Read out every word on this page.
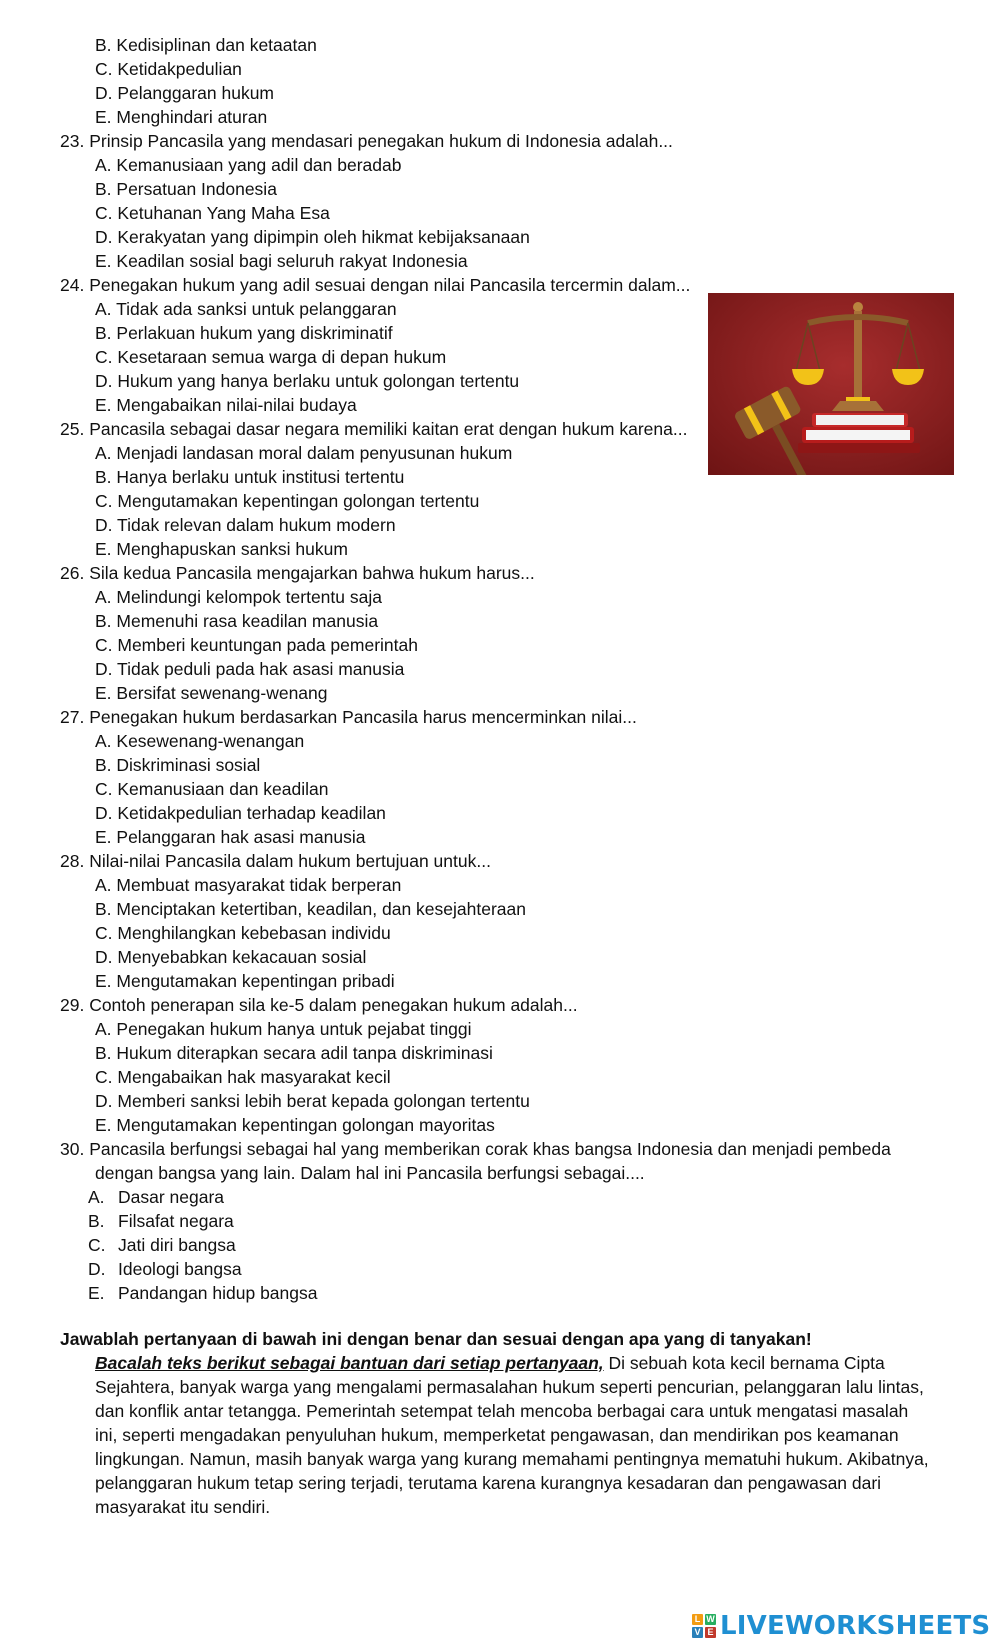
B. Kedisiplinan dan ketaatan
C. Ketidakpedulian
D. Pelanggaran hukum
E. Menghindari aturan
23. Prinsip Pancasila yang mendasari penegakan hukum di Indonesia adalah...
A. Kemanusiaan yang adil dan beradab
B. Persatuan Indonesia
C. Ketuhanan Yang Maha Esa
D. Kerakyatan yang dipimpin oleh hikmat kebijaksanaan
E. Keadilan sosial bagi seluruh rakyat Indonesia
24. Penegakan hukum yang adil sesuai dengan nilai Pancasila tercermin dalam...
A. Tidak ada sanksi untuk pelanggaran
B. Perlakuan hukum yang diskriminatif
C. Kesetaraan semua warga di depan hukum
D. Hukum yang hanya berlaku untuk golongan tertentu
E. Mengabaikan nilai-nilai budaya
25. Pancasila sebagai dasar negara memiliki kaitan erat dengan hukum karena...
A. Menjadi landasan moral dalam penyusunan hukum
B. Hanya berlaku untuk institusi tertentu
C. Mengutamakan kepentingan golongan tertentu
D. Tidak relevan dalam hukum modern
E. Menghapuskan sanksi hukum
26. Sila kedua Pancasila mengajarkan bahwa hukum harus...
A. Melindungi kelompok tertentu saja
B. Memenuhi rasa keadilan manusia
C. Memberi keuntungan pada pemerintah
D. Tidak peduli pada hak asasi manusia
E. Bersifat sewenang-wenang
27. Penegakan hukum berdasarkan Pancasila harus mencerminkan nilai...
A. Kesewenang-wenangan
B. Diskriminasi sosial
C. Kemanusiaan dan keadilan
D. Ketidakpedulian terhadap keadilan
E. Pelanggaran hak asasi manusia
28. Nilai-nilai Pancasila dalam hukum bertujuan untuk...
A. Membuat masyarakat tidak berperan
B. Menciptakan ketertiban, keadilan, dan kesejahteraan
C. Menghilangkan kebebasan individu
D. Menyebabkan kekacauan sosial
E. Mengutamakan kepentingan pribadi
29. Contoh penerapan sila ke-5 dalam penegakan hukum adalah...
A. Penegakan hukum hanya untuk pejabat tinggi
B. Hukum diterapkan secara adil tanpa diskriminasi
C. Mengabaikan hak masyarakat kecil
D. Memberi sanksi lebih berat kepada golongan tertentu
E. Mengutamakan kepentingan golongan mayoritas
30. Pancasila berfungsi sebagai hal yang memberikan corak khas bangsa Indonesia dan menjadi pembeda
dengan bangsa yang lain. Dalam hal ini Pancasila berfungsi sebagai....
A. Dasar negara
B. Filsafat negara
C. Jati diri bangsa
D. Ideologi bangsa
E. Pandangan hidup bangsa
Jawablah pertanyaan di bawah ini dengan benar dan sesuai dengan apa yang di tanyakan!
Bacalah teks berikut sebagai bantuan dari setiap pertanyaan, Di sebuah kota kecil bernama Cipta
Sejahtera, banyak warga yang mengalami permasalahan hukum seperti pencurian, pelanggaran lalu lintas,
dan konflik antar tetangga. Pemerintah setempat telah mencoba berbagai cara untuk mengatasi masalah
ini, seperti mengadakan penyuluhan hukum, memperketat pengawasan, dan mendirikan pos keamanan
lingkungan. Namun, masih banyak warga yang kurang memahami pentingnya mematuhi hukum. Akibatnya,
pelanggaran hukum tetap sering terjadi, terutama karena kurangnya kesadaran dan pengawasan dari
masyarakat itu sendiri.
L W
V E LIVEWORKSHEETS
